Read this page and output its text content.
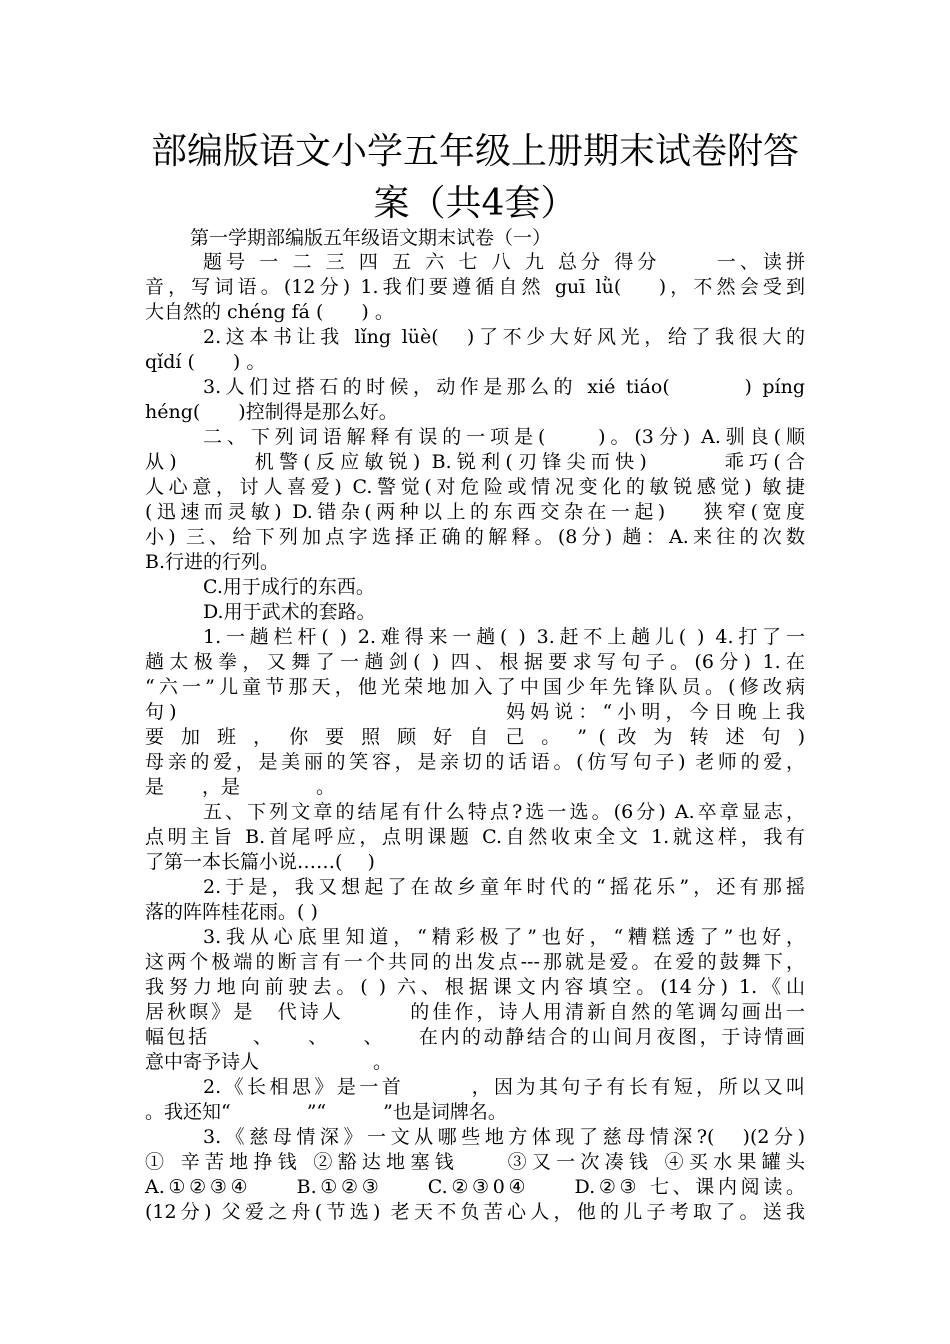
部编版语文小学五年级上册期末试卷附答
案（共4套）
第一学期部编版五年级语文期末试卷（一）
题号 一 二 三 四 五 六 七 八 九 总分 得分 　　一、读拼
音，写词语。(12分) 1.我们要遵循自然 guī lǜ(　 )，不然会受到
大自然的 chéng fá (　　) 。
2.这本书让我 lǐng lüè(　)了不少大好风光，给了我很大的
qǐdí (　　) 。
3.人们过搭石的时候，动作是那么的 xié tiáo(　　　) píng
héng(　　)控制得是那么好。
二、下列词语解释有误的一项是(　　)。(3分) A.驯良(顺
从)　　　机警(反应敏锐) B.锐利(刃锋尖而快)　　　乖巧(合
人心意，讨人喜爱) C.警觉(对危险或情况变化的敏锐感觉) 敏捷
(迅速而灵敏) D.错杂(两种以上的东西交杂在一起)　 狭窄(宽度
小) 三、给下列加点字选择正确的解释。(8分) 趟：A.来往的次数
B.行进的行列。
C.用于成行的东西。
D.用于武术的套路。
1.一趟栏杆( ) 2.难得来一趟( ) 3.赶不上趟儿( ) 4.打了一
趟太极拳，又舞了一趟剑( ) 四、根据要求写句子。(6分) 1.在
“六一”儿童节那天，他光荣地加入了中国少年先锋队员。(修改病
句)　　　　　　　　　　　　　 妈妈说：“小明，今日晚上我
要 加 班 ， 你 要 照 顾 好 自 己 。 ” ( 改 为 转 述 句 )
母亲的爱，是美丽的笑容，是亲切的话语。(仿写句子) 老师的爱，
是　　，是　　　　。
五、下列文章的结尾有什么特点?选一选。(6分) A.卒章显志，
点明主旨 B.首尾呼应，点明课题 C.自然收束全文 1.就这样，我有
了第一本长篇小说……(　 )
2.于是，我又想起了在故乡童年时代的“摇花乐”，还有那摇
落的阵阵桂花雨。( )
3.我从心底里知道，“精彩极了”也好，“糟糕透了”也好，
这两个极端的断言有一个共同的出发点---那就是爱。在爱的鼓舞下，
我努力地向前驶去。( ) 六、根据课文内容填空。(14分) 1.《山
居秋暝》是　代诗人　　　的佳作，诗人用清新自然的笔调勾画出一
幅包括　　、　　、　　、　　在内的动静结合的山间月夜图，于诗情画
意中寄予诗人　　　　　　。
2.《长相思》是一首　　　，因为其句子有长有短，所以又叫
。我还知“　　　　”“　　　”也是词牌名。
3.《慈母情深》一文从哪些地方体现了慈母情深?(　)(2分)
① 辛苦地挣钱 ②豁达地塞钱　　③又一次凑钱 ④买水果罐头
A.①②③④　　B.①②③　　C.②③0④　　D.②③ 七、课内阅读。
(12分) 父爱之舟(节选) 老天不负苦心人，他的儿子考取了。送我
